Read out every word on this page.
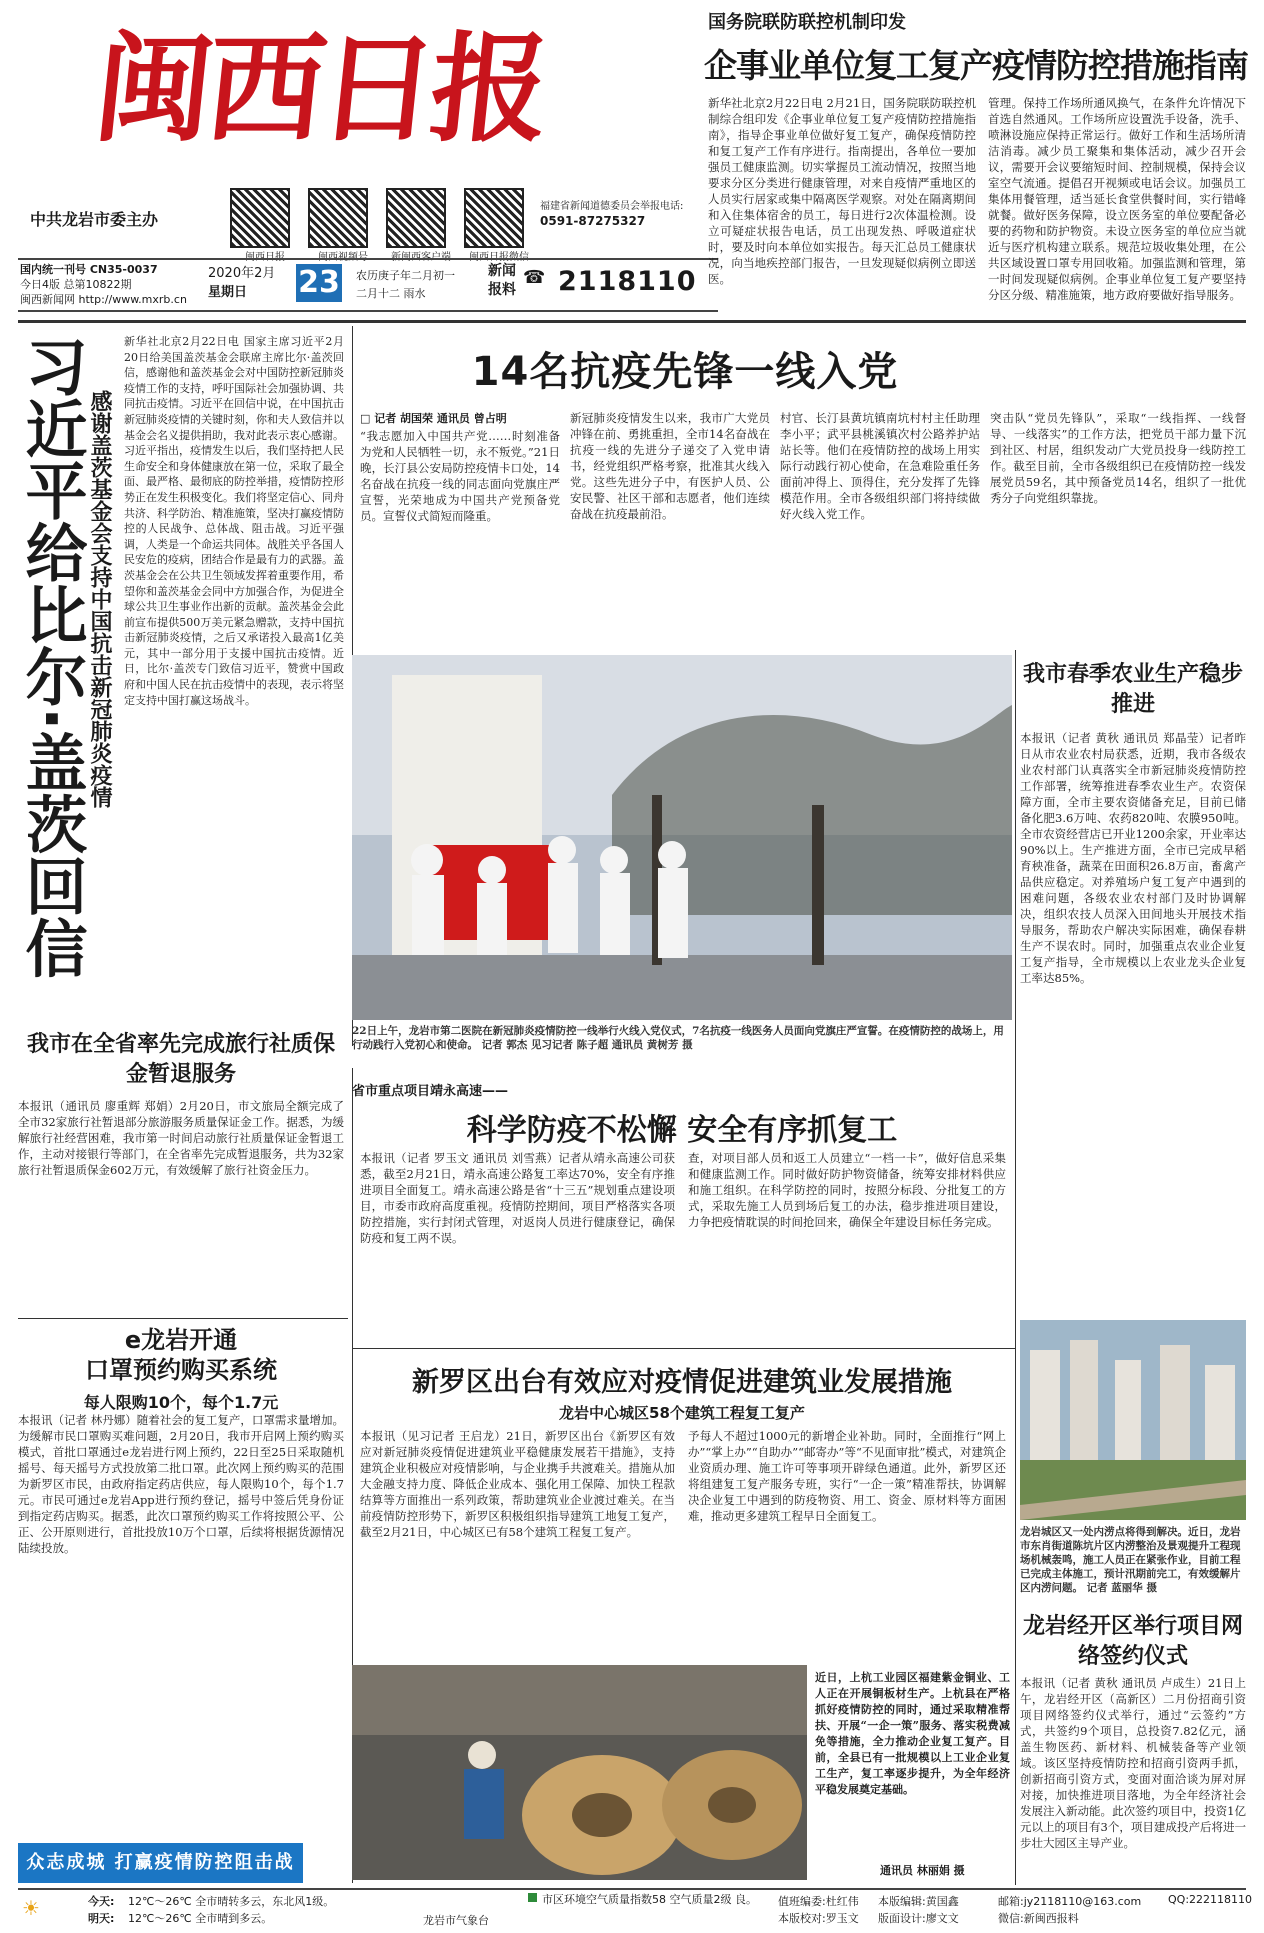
闽西日报
中共龙岩市委主办
闽西日报	闽西视频号	新闽西客户端	闽西日报微信
福建省新闻道德委员会举报电话:
0591-87275327
国内统一刊号 CN35-0037
今日4版 总第10822期
闽西新闻网 http://www.mxrb.cn
2020年2月
星期日 23 农历庚子年二月初一
二月十二 雨水
新闻
报料
☎ 2118110
国务院联防联控机制印发
企事业单位复工复产疫情防控措施指南
新华社北京2月22日电 2月21日，国务院联防联控机制综合组印发《企事业单位复工复产疫情防控措施指南》，指导企事业单位做好复工复产，确保疫情防控和复工复产工作有序进行。指南提出，各单位一要加强员工健康监测。切实掌握员工流动情况，按照当地要求分区分类进行健康管理，对来自疫情严重地区的人员实行居家或集中隔离医学观察。对处在隔离期间和入住集体宿舍的员工，每日进行2次体温检测。设立可疑症状报告电话，员工出现发热、呼吸道症状时，要及时向本单位如实报告。每天汇总员工健康状况，向当地疾控部门报告，一旦发现疑似病例立即送医。
管理。保持工作场所通风换气，在条件允许情况下首选自然通风。工作场所应设置洗手设备，洗手、喷淋设施应保持正常运行。做好工作和生活场所清洁消毒。减少员工聚集和集体活动，减少召开会议，需要开会议要缩短时间、控制规模，保持会议室空气流通。提倡召开视频或电话会议。加强员工集体用餐管理，适当延长食堂供餐时间，实行错峰就餐。做好医务保障，设立医务室的单位要配备必要的药物和防护物资。未设立医务室的单位应当就近与医疗机构建立联系。规范垃圾收集处理，在公共区域设置口罩专用回收箱。加强监测和管理，第一时间发现疑似病例。企事业单位复工复产要坚持分区分级、精准施策，地方政府要做好指导服务。
习近平给比尔·盖茨回信 感谢盖茨基金会支持中国抗击新冠肺炎疫情
新华社北京2月22日电 国家主席习近平2月20日给美国盖茨基金会联席主席比尔·盖茨回信，感谢他和盖茨基金会对中国防控新冠肺炎疫情工作的支持，呼吁国际社会加强协调、共同抗击疫情。习近平在回信中说，在中国抗击新冠肺炎疫情的关键时刻，你和夫人致信并以基金会名义提供捐助，我对此表示衷心感谢。习近平指出，疫情发生以后，我们坚持把人民生命安全和身体健康放在第一位，采取了最全面、最严格、最彻底的防控举措，疫情防控形势正在发生积极变化。我们将坚定信心、同舟共济、科学防治、精准施策，坚决打赢疫情防控的人民战争、总体战、阻击战。习近平强调，人类是一个命运共同体。战胜关乎各国人民安危的疫病，团结合作是最有力的武器。盖茨基金会在公共卫生领域发挥着重要作用，希望你和盖茨基金会同中方加强合作，为促进全球公共卫生事业作出新的贡献。盖茨基金会此前宣布提供500万美元紧急赠款，支持中国抗击新冠肺炎疫情，之后又承诺投入最高1亿美元，其中一部分用于支援中国抗击疫情。近日，比尔·盖茨专门致信习近平，赞赏中国政府和中国人民在抗击疫情中的表现，表示将坚定支持中国打赢这场战斗。
14名抗疫先锋一线入党
□ 记者 胡国荣 通讯员 曾占明
“我志愿加入中国共产党……时刻准备为党和人民牺牲一切，永不叛党。”21日晚，长汀县公安局防控疫情卡口处，14名奋战在抗疫一线的同志面向党旗庄严宣誓，光荣地成为中国共产党预备党员。宣誓仪式简短而隆重。
新冠肺炎疫情发生以来，我市广大党员冲锋在前、勇挑重担，全市14名奋战在抗疫一线的先进分子递交了入党申请书，经党组织严格考察，批准其火线入党。这些先进分子中，有医护人员、公安民警、社区干部和志愿者，他们连续奋战在抗疫最前沿。
村官、长汀县黄坑镇南坑村村主任助理李小平；武平县桃溪镇次村公路养护站站长等。他们在疫情防控的战场上用实际行动践行初心使命，在急难险重任务面前冲得上、顶得住，充分发挥了先锋模范作用。全市各级组织部门将持续做好火线入党工作。
突击队“党员先锋队”，采取“一线指挥、一线督导、一线落实”的工作方法，把党员干部力量下沉到社区、村居，组织发动广大党员投身一线防控工作。截至目前，全市各级组织已在疫情防控一线发展党员59名，其中预备党员14名，组织了一批优秀分子向党组织靠拢。
22日上午，龙岩市第二医院在新冠肺炎疫情防控一线举行火线入党仪式，7名抗疫一线医务人员面向党旗庄严宣誓。在疫情防控的战场上，用行动践行入党初心和使命。 记者 郭杰 见习记者 陈子超 通讯员 黄树芳 摄
我市春季农业生产稳步推进
本报讯（记者 黄秋 通讯员 郑晶莹）记者昨日从市农业农村局获悉，近期，我市各级农业农村部门认真落实全市新冠肺炎疫情防控工作部署，统筹推进春季农业生产。农资保障方面，全市主要农资储备充足，目前已储备化肥3.6万吨、农药820吨、农膜950吨。全市农资经营店已开业1200余家，开业率达90%以上。生产推进方面，全市已完成早稻育秧准备，蔬菜在田面积26.8万亩，畜禽产品供应稳定。对养殖场户复工复产中遇到的困难问题，各级农业农村部门及时协调解决，组织农技人员深入田间地头开展技术指导服务，帮助农户解决实际困难，确保春耕生产不误农时。同时，加强重点农业企业复工复产指导，全市规模以上农业龙头企业复工率达85%。
我市在全省率先完成旅行社质保金暂退服务
本报讯（通讯员 廖重辉 郑娟）2月20日，市文旅局全额完成了全市32家旅行社暂退部分旅游服务质量保证金工作。据悉，为缓解旅行社经营困难，我市第一时间启动旅行社质量保证金暂退工作，主动对接银行等部门，在全省率先完成暂退服务，共为32家旅行社暂退质保金602万元，有效缓解了旅行社资金压力。
e龙岩开通
口罩预约购买系统
每人限购10个，每个1.7元
本报讯（记者 林丹娜）随着社会的复工复产，口罩需求量增加。为缓解市民口罩购买难问题，2月20日，我市开启网上预约购买模式，首批口罩通过e龙岩进行网上预约，22日至25日采取随机摇号、每天摇号方式投放第二批口罩。此次网上预约购买的范围为新罗区市民，由政府指定药店供应，每人限购10个，每个1.7元。市民可通过e龙岩App进行预约登记，摇号中签后凭身份证到指定药店购买。据悉，此次口罩预约购买工作将按照公平、公正、公开原则进行，首批投放10万个口罩，后续将根据货源情况陆续投放。
众志成城 打赢疫情防控阻击战
省市重点项目靖永高速——
科学防疫不松懈 安全有序抓复工
本报讯（记者 罗玉文 通讯员 刘雪燕）记者从靖永高速公司获悉，截至2月21日，靖永高速公路复工率达70%，安全有序推进项目全面复工。靖永高速公路是省“十三五”规划重点建设项目，市委市政府高度重视。疫情防控期间，项目严格落实各项防控措施，实行封闭式管理，对返岗人员进行健康登记，确保防疫和复工两不误。
查，对项目部人员和返工人员建立“一档一卡”，做好信息采集和健康监测工作。同时做好防护物资储备，统筹安排材料供应和施工组织。在科学防控的同时，按照分标段、分批复工的方式，采取先施工人员到场后复工的办法，稳步推进项目建设，力争把疫情耽误的时间抢回来，确保全年建设目标任务完成。
新罗区出台有效应对疫情促进建筑业发展措施
龙岩中心城区58个建筑工程复工复产
本报讯（见习记者 王启龙）21日，新罗区出台《新罗区有效应对新冠肺炎疫情促进建筑业平稳健康发展若干措施》，支持建筑企业积极应对疫情影响，与企业携手共渡难关。措施从加大金融支持力度、降低企业成本、强化用工保障、加快工程款结算等方面推出一系列政策，帮助建筑业企业渡过难关。在当前疫情防控形势下，新罗区积极组织指导建筑工地复工复产，截至2月21日，中心城区已有58个建筑工程复工复产。
予每人不超过1000元的新增企业补助。同时，全面推行“网上办”“掌上办”“自助办”“邮寄办”等“不见面审批”模式，对建筑企业资质办理、施工许可等事项开辟绿色通道。此外，新罗区还将组建复工复产服务专班，实行“一企一策”精准帮扶，协调解决企业复工中遇到的防疫物资、用工、资金、原材料等方面困难，推动更多建筑工程早日全面复工。
近日，上杭工业园区福建紫金铜业、工人正在开展铜板材生产。上杭县在严格抓好疫情防控的同时，通过采取精准帮扶、开展“一企一策”服务、落实税费减免等措施，全力推动企业复工复产。目前，全县已有一批规模以上工业企业复工生产，复工率逐步提升，为全年经济平稳发展奠定基础。
通讯员 林丽娟 摄
龙岩城区又一处内涝点将得到解决。近日，龙岩市东肖街道陈坑片区内涝整治及景观提升工程现场机械轰鸣，施工人员正在紧张作业，目前工程已完成主体施工，预计汛期前完工，有效缓解片区内涝问题。 记者 蓝丽华 摄
龙岩经开区举行项目网络签约仪式
本报讯（记者 黄秋 通讯员 卢成生）21日上午，龙岩经开区（高新区）二月份招商引资项目网络签约仪式举行，通过“云签约”方式，共签约9个项目，总投资7.82亿元，涵盖生物医药、新材料、机械装备等产业领域。该区坚持疫情防控和招商引资两手抓，创新招商引资方式，变面对面洽谈为屏对屏对接，加快推进项目落地，为全年经济社会发展注入新动能。此次签约项目中，投资1亿元以上的项目有3个，项目建成投产后将进一步壮大园区主导产业。
☀	今天: 12℃～26℃ 全市晴转多云，东北风1级。
明天: 12℃～26℃ 全市晴到多云。	龙岩市气象台
市区环境空气质量指数58 空气质量2级 良。 值班编委:杜红伟 本版编辑:黄国鑫
本版校对:罗玉文 版面设计:廖文文
邮箱:jy2118110@163.com QQ:222118110
微信:新闽西报料
